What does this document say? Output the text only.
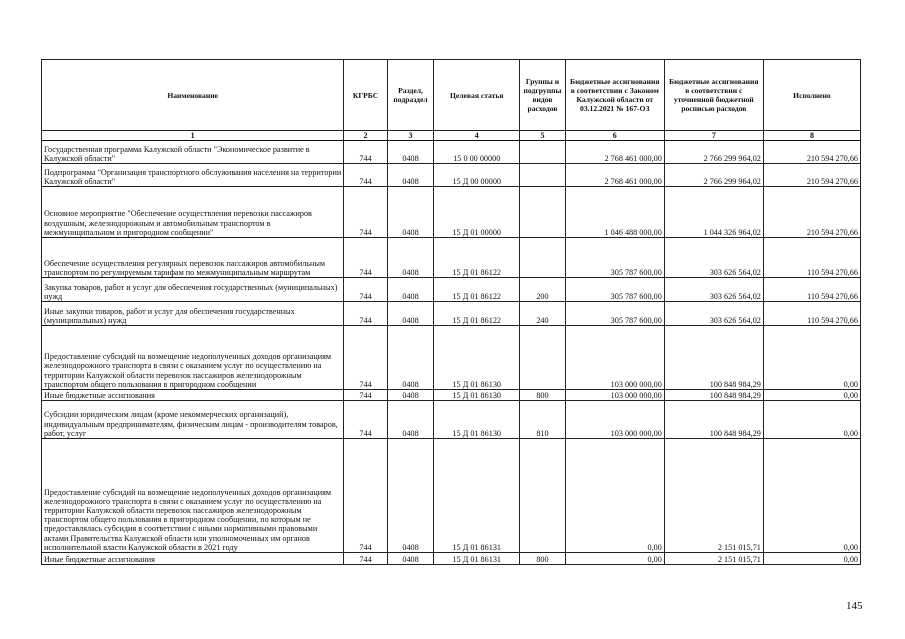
Наименование	КГРБС	Раздел, подраздел	Целевая статья	Группы и подгруппы видов расходов	Бюджетные ассигнования в соответствии с Законом Калужской области от 03.12.2021 № 167-ОЗ	Бюджетные ассигнования в соответствии с уточненной бюджетной росписью расходов	Исполнено
1	2	3	4	5	6	7	8
Государственная программа Калужской области "Экономическое развитие в Калужской области"	744	0408	15 0 00 00000		2 768 461 000,00	2 766 299 964,02	210 594 270,66
Подпрограмма "Организация транспортного обслуживания населения на территории Калужской области"	744	0408	15 Д 00 00000		2 768 461 000,00	2 766 299 964,02	210 594 270,66
Основное мероприятие "Обеспечение осуществления перевозки пассажиров воздушным, железнодорожным и автомобильным транспортом в межмуниципальном и пригородном сообщении"	744	0408	15 Д 01 00000		1 046 488 000,00	1 044 326 964,02	210 594 270,66
Обеспечение осуществления регулярных перевозок пассажиров автомобильным транспортом по регулируемым тарифам по межмуниципальным маршрутам	744	0408	15 Д 01 86122		305 787 600,00	303 626 564,02	110 594 270,66
Закупка товаров, работ и услуг для обеспечения государственных (муниципальных) нужд	744	0408	15 Д 01 86122	200	305 787 600,00	303 626 564,02	110 594 270,66
Иные закупки товаров, работ и услуг для обеспечения государственных (муниципальных) нужд	744	0408	15 Д 01 86122	240	305 787 600,00	303 626 564,02	110 594 270,66
Предоставление субсидий на возмещение недополученных доходов организациям железнодорожного транспорта в связи с оказанием услуг по осуществлению на территории Калужской области перевозок пассажиров железнодорожным транспортом общего пользования в пригородном сообщении	744	0408	15 Д 01 86130		103 000 000,00	100 848 984,29	0,00
Иные бюджетные ассигнования	744	0408	15 Д 01 86130	800	103 000 000,00	100 848 984,29	0,00
Субсидии юридическим лицам (кроме некоммерческих организаций), индивидуальным предпринимателям, физическим лицам - производителям товаров, работ, услуг	744	0408	15 Д 01 86130	810	103 000 000,00	100 848 984,29	0,00
Предоставление субсидий на возмещение недополученных доходов организациям железнодорожного транспорта в связи с оказанием услуг по осуществлению на территории Калужской области перевозок пассажиров железнодорожным транспортом общего пользования в пригородном сообщении, по которым не предоставлялась субсидия в соответствии с иными нормативными правовыми актами Правительства Калужской области или уполномоченных им органов исполнительной власти Калужской области в 2021 году	744	0408	15 Д 01 86131		0,00	2 151 015,71	0,00
Иные бюджетные ассигнования	744	0408	15 Д 01 86131	800	0,00	2 151 015,71	0,00
145
